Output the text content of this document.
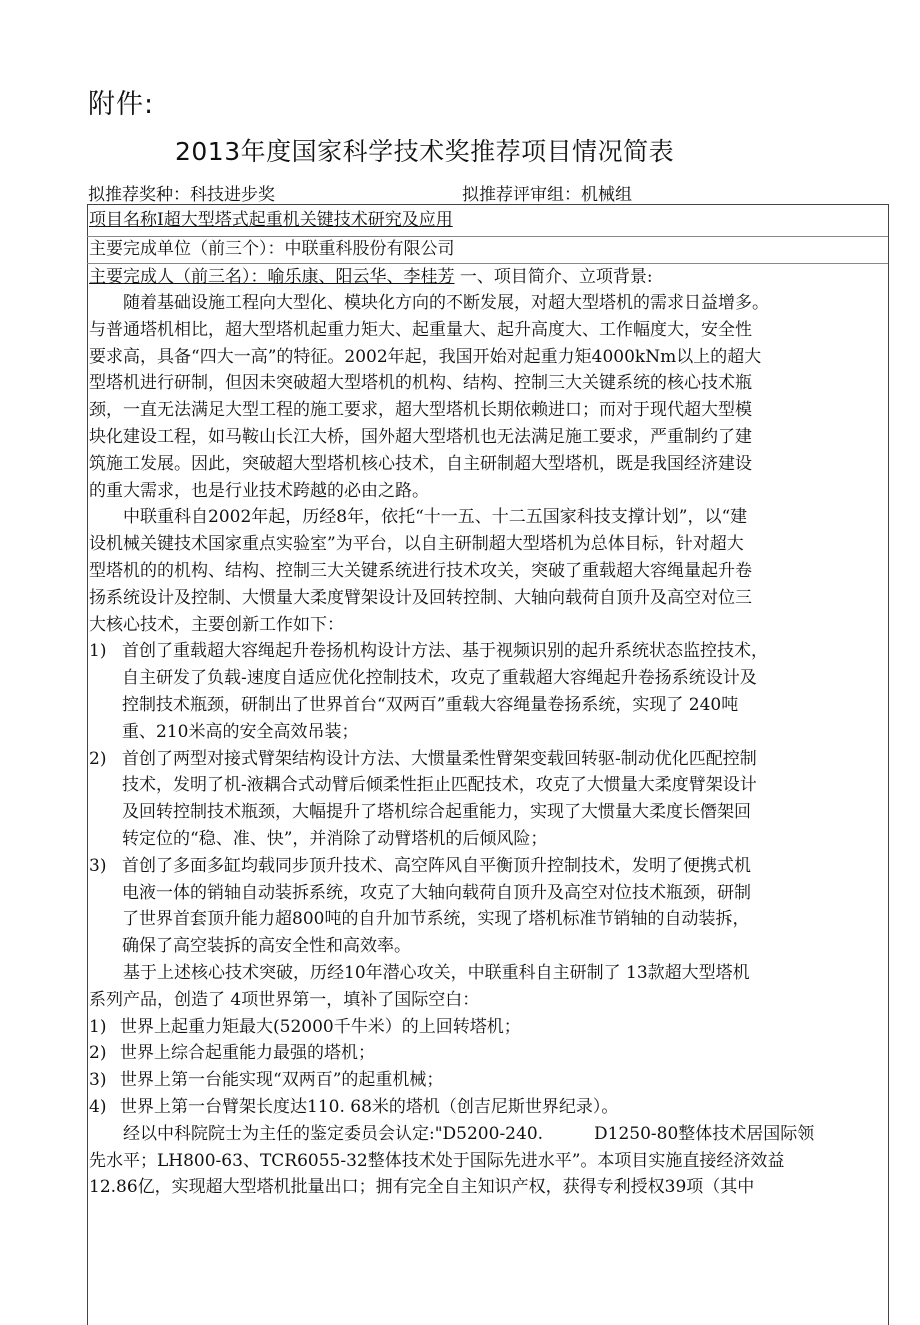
附件:
2013年度国家科学技术奖推荐项目情况简表
拟推荐奖种：科技进步奖	拟推荐评审组：机械组
项目名称Ⅰ超大型塔式起重机关键技术研究及应用
主要完成单位（前三个）：中联重科股份有限公司
主要完成人（前三名）：喻乐康、阳云华、李桂芳 一、项目简介、立项背景:
　　随着基础设施工程向大型化、模块化方向的不断发展，对超大型塔机的需求日益增多。
与普通塔机相比，超大型塔机起重力矩大、起重量大、起升高度大、工作幅度大，安全性
要求高，具备“四大一高”的特征。2002年起，我国开始对起重力矩4000kNm以上的超大
型塔机进行研制，但因未突破超大型塔机的机构、结构、控制三大关键系统的核心技术瓶
颈，一直无法满足大型工程的施工要求，超大型塔机长期依赖进口；而对于现代超大型模
块化建设工程，如马鞍山长江大桥，国外超大型塔机也无法满足施工要求，严重制约了建
筑施工发展。因此，突破超大型塔机核心技术，自主研制超大型塔机，既是我国经济建设
的重大需求，也是行业技术跨越的必由之路。
　　中联重科自2002年起，历经8年，依托“十一五、十二五国家科技支撑计划”，以“建
设机械关键技术国家重点实验室”为平台，以自主研制超大型塔机为总体目标，针对超大
型塔机的的机构、结构、控制三大关键系统进行技术攻关，突破了重载超大容绳量起升卷
扬系统设计及控制、大惯量大柔度臂架设计及回转控制、大轴向载荷自顶升及高空对位三
大核心技术，主要创新工作如下：
1) 首创了重载超大容绳起升卷扬机构设计方法、基于视频识别的起升系统状态监控技术，
自主研发了负载-速度自适应优化控制技术，攻克了重载超大容绳起升卷扬系统设计及
控制技术瓶颈，研制出了世界首台“双两百”重载大容绳量卷扬系统，实现了 240吨
重、210米高的安全高效吊装；
2) 首创了两型对接式臂架结构设计方法、大惯量柔性臂架变载回转驱-制动优化匹配控制
技术，发明了机-液耦合式动臂后倾柔性拒止匹配技术，攻克了大惯量大柔度臂架设计
及回转控制技术瓶颈，大幅提升了塔机综合起重能力，实现了大惯量大柔度长僭架回
转定位的“稳、准、快”，并消除了动臂塔机的后倾风险；
3) 首创了多面多缸均载同步顶升技术、高空阵风自平衡顶升控制技术，发明了便携式机
电液一体的销轴自动装拆系统，攻克了大轴向载荷自顶升及高空对位技术瓶颈，研制
了世界首套顶升能力超800吨的自升加节系统，实现了塔机标准节销轴的自动装拆，
确保了高空装拆的高安全性和高效率。
　　基于上述核心技术突破，历经10年潜心攻关，中联重科自主研制了 13款超大型塔机
系列产品，创造了 4项世界第一，填补了国际空白：
1) 世界上起重力矩最大(52000千牛米）的上回转塔机；
2) 世界上综合起重能力最强的塔机；
3) 世界上第一台能实现“双两百”的起重机械；
4) 世界上第一台臂架长度达110. 68米的塔机（创吉尼斯世界纪录）。
　　经以中科院院士为主任的鉴定委员会认定:"D5200-240.　　　D1250-80整体技术居国际领
先水平；LH800-63、TCR6055-32整体技术处于国际先进水平”。本项目实施直接经济效益
12.86亿，实现超大型塔机批量出口；拥有完全自主知识产权，获得专利授权39项（其中
